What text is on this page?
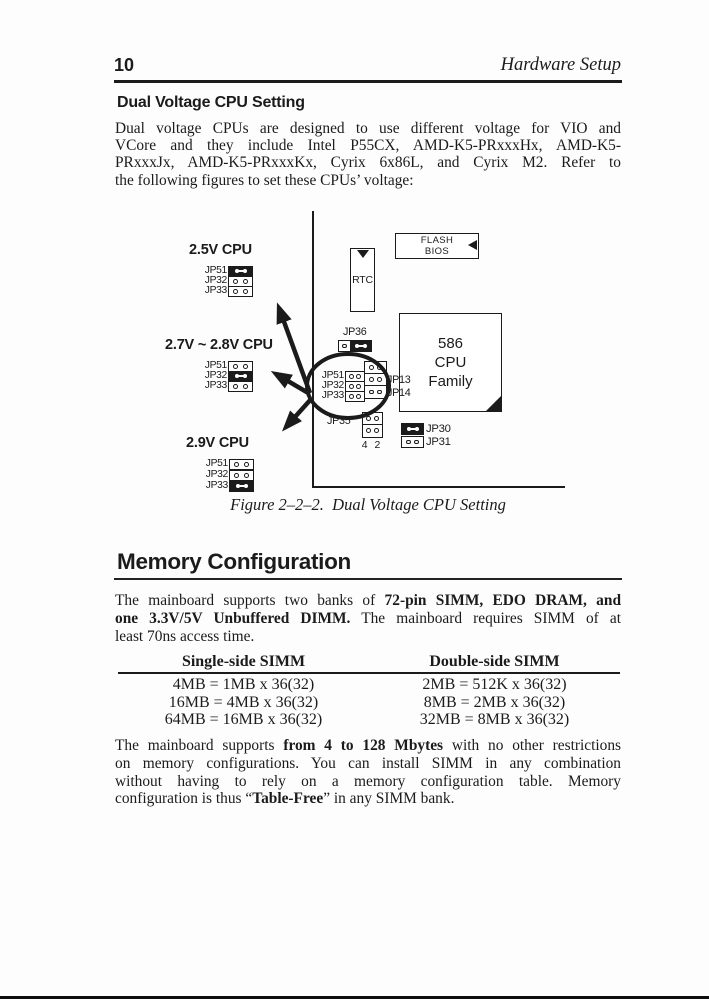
10	Hardware Setup
Dual Voltage CPU Setting
Dual voltage CPUs are designed to use different voltage for VIO and
VCore and they include Intel P55CX, AMD-K5-PRxxxHx, AMD-K5-
PRxxxJx, AMD-K5-PRxxxKx, Cyrix 6x86L, and Cyrix M2. Refer to
the following figures to set these CPUs’ voltage:
FLASH
BIOS
RTC
586
CPU
Family
JP36
2.5V CPU
JP51
JP32
JP33
2.7V ~ 2.8V CPU
JP51
JP32
JP33
2.9V CPU
JP51
JP32
JP33
JP51
JP32
JP33
JP13
JP14
JP35
4 2
JP30
JP31
Figure 2–2–2.  Dual Voltage CPU Setting
Memory Configuration
The mainboard supports two banks of 72-pin SIMM, EDO DRAM, and
one 3.3V/5V Unbuffered DIMM. The mainboard requires SIMM of at
least 70ns access time.
Single-side SIMM	Double-side SIMM
4MB = 1MB x 36(32)	2MB = 512K x 36(32)
16MB = 4MB x 36(32)	8MB = 2MB x 36(32)
64MB = 16MB x 36(32)	32MB = 8MB x 36(32)
The mainboard supports from 4 to 128 Mbytes with no other restrictions
on memory configurations. You can install SIMM in any combination
without having to rely on a memory configuration table. Memory
configuration is thus “Table-Free” in any SIMM bank.
